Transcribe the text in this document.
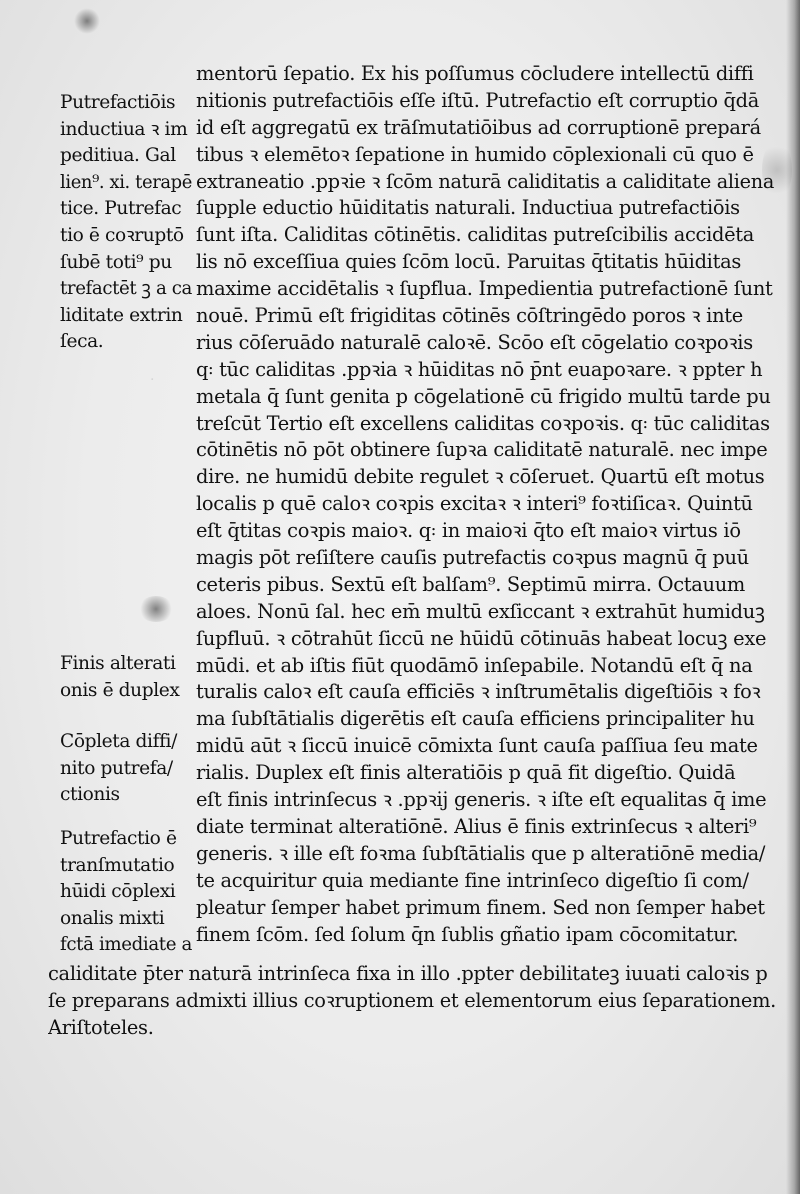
·
Putrefactiōis
inductiua ꝛ im
peditiua. Gal
lien⁹. xi. terapē
tice. Putrefac
tio ē coꝛruptō
ſubē toti⁹ pu
trefactēt ꝫ a ca
liditate extrin
ſeca.
Finis alterati
onis ē duplex
Cōpleta diffi/
nito putrefa/
ctionis
Putrefactio ē
tranſmutatio
hūidi cōplexi
onalis mixti
fctā imediate a
mentorū ſepatio. Ex his poſſumus cōcludere intellectū diffi
nitionis putrefactiōis eſſe iſtū. Putrefactio eſt corruptio q̄dā
id eſt aggregatū ex trāſmutatiōibus ad corruptionē prepará
tibus ꝛ elemētoꝛ ſepatione in humido cōplexionali cū quo ē
extraneatio .ppꝛie ꝛ ſcōm naturā caliditatis a caliditate aliena
ſupple eductio hūiditatis naturali. Inductiua putrefactiōis
ſunt iſta. Caliditas cōtinētis. caliditas putreſcibilis accidēta
lis nō exceſſiua quies ſcōm locū. Paruitas q̄titatis hūiditas
maxime accidētalis ꝛ ſupflua. Impedientia putrefactionē ſunt
nouē. Primū eſt frigiditas cōtinēs cōſtringēdo poros ꝛ inte
rius cōſeruādo naturalē caloꝛē. Scōo eſt cōgelatio coꝛpoꝛis
q꞉ tūc caliditas .ppꝛia ꝛ hūiditas nō p̄nt euapoꝛare. ꝛ ppter h
metala q̄ ſunt genita p cōgelationē cū frigido multū tarde pu
treſcūt Tertio eſt excellens caliditas coꝛpoꝛis. q꞉ tūc caliditas
cōtinētis nō pōt obtinere ſupꝛa caliditatē naturalē. nec impe
dire. ne humidū debite regulet ꝛ cōſeruet. Quartū eſt motus
localis p quē caloꝛ coꝛpis excitaꝛ ꝛ interi⁹ foꝛtiſicaꝛ. Quintū
eſt q̄titas coꝛpis maioꝛ. q꞉ in maioꝛi q̄to eſt maioꝛ virtus iō
magis pōt reſiſtere cauſis putrefactis coꝛpus magnū q̄ puū
ceteris pibus. Sextū eſt balſam⁹. Septimū mirra. Octauum
aloes. Nonū ſal. hec em̄ multū exſiccant ꝛ extrahūt humiduꝫ
ſupfluū. ꝛ cōtrahūt ſiccū ne hūidū cōtinuās habeat locuꝫ exe
mūdi. et ab iſtis fiūt quodāmō inſepabile. Notandū eſt q̄ na
turalis caloꝛ eſt cauſa efficiēs ꝛ inſtrumētalis digeſtiōis ꝛ foꝛ
ma ſubſtātialis digerētis eſt cauſa efficiens principaliter hu
midū aūt ꝛ ſiccū inuicē cōmixta ſunt cauſa paſſiua ſeu mate
rialis. Duplex eſt finis alteratiōis p quā fit digeſtio. Quidā
eſt finis intrinſecus ꝛ .ppꝛij generis. ꝛ iſte eſt equalitas q̄ ime
diate terminat alteratiōnē. Alius ē finis extrinſecus ꝛ alteri⁹
generis. ꝛ ille eſt foꝛma ſubſtātialis que p alteratiōnē media/
te acquiritur quia mediante fine intrinſeco digeſtio ſi com/
pleatur ſemper habet primum finem. Sed non ſemper habet
finem ſcōm. ſed ſolum q̄n ſublis gñatio ipam cōcomitatur.
caliditate p̄ter naturā intrinſeca fixa in illo .ppter debilitateꝫ iuuati caloꝛis p
ſe preparans admixti illius coꝛruptionem et elementorum eius ſeparationem.
Ariſtoteles.
